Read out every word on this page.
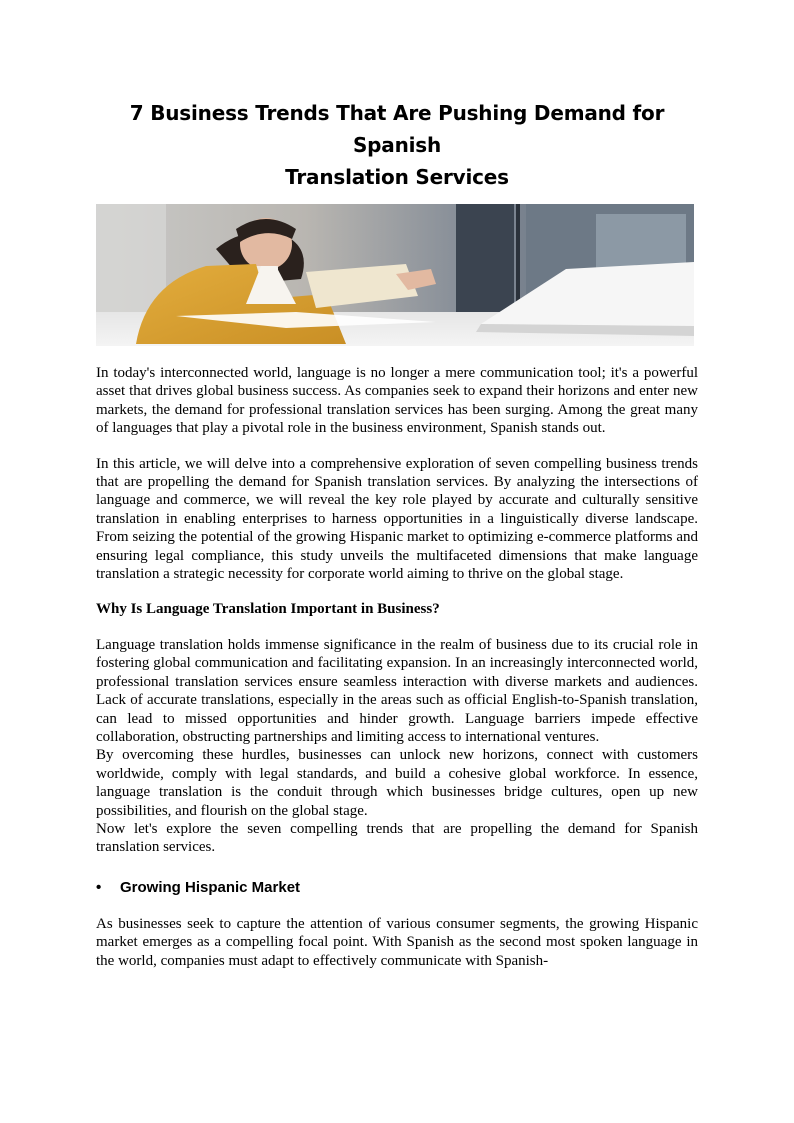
7 Business Trends That Are Pushing Demand for Spanish
Translation Services

In today's interconnected world, language is no longer a mere communication tool; it's a powerful asset that drives global business success. As companies seek to expand their horizons and enter new markets, the demand for professional translation services has been surging. Among the great many of languages that play a pivotal role in the business environment, Spanish stands out.

In this article, we will delve into a comprehensive exploration of seven compelling business trends that are propelling the demand for Spanish translation services. By analyzing the intersections of language and commerce, we will reveal the key role played by accurate and culturally sensitive translation in enabling enterprises to harness opportunities in a linguistically diverse landscape. From seizing the potential of the growing Hispanic market to optimizing e-commerce platforms and ensuring legal compliance, this study unveils the multifaceted dimensions that make language translation a strategic necessity for corporate world aiming to thrive on the global stage.

Why Is Language Translation Important in Business?

Language translation holds immense significance in the realm of business due to its crucial role in fostering global communication and facilitating expansion. In an increasingly interconnected world, professional translation services ensure seamless interaction with diverse markets and audiences. Lack of accurate translations, especially in the areas such as official English-to-Spanish translation, can lead to missed opportunities and hinder growth. Language barriers impede effective collaboration, obstructing partnerships and limiting access to international ventures.

By overcoming these hurdles, businesses can unlock new horizons, connect with customers worldwide, comply with legal standards, and build a cohesive global workforce. In essence, language translation is the conduit through which businesses bridge cultures, open up new possibilities, and flourish on the global stage.

Now let's explore the seven compelling trends that are propelling the demand for Spanish translation services.

•	Growing Hispanic Market

As businesses seek to capture the attention of various consumer segments, the growing Hispanic market emerges as a compelling focal point. With Spanish as the second most spoken language in the world, companies must adapt to effectively communicate with Spanish-
